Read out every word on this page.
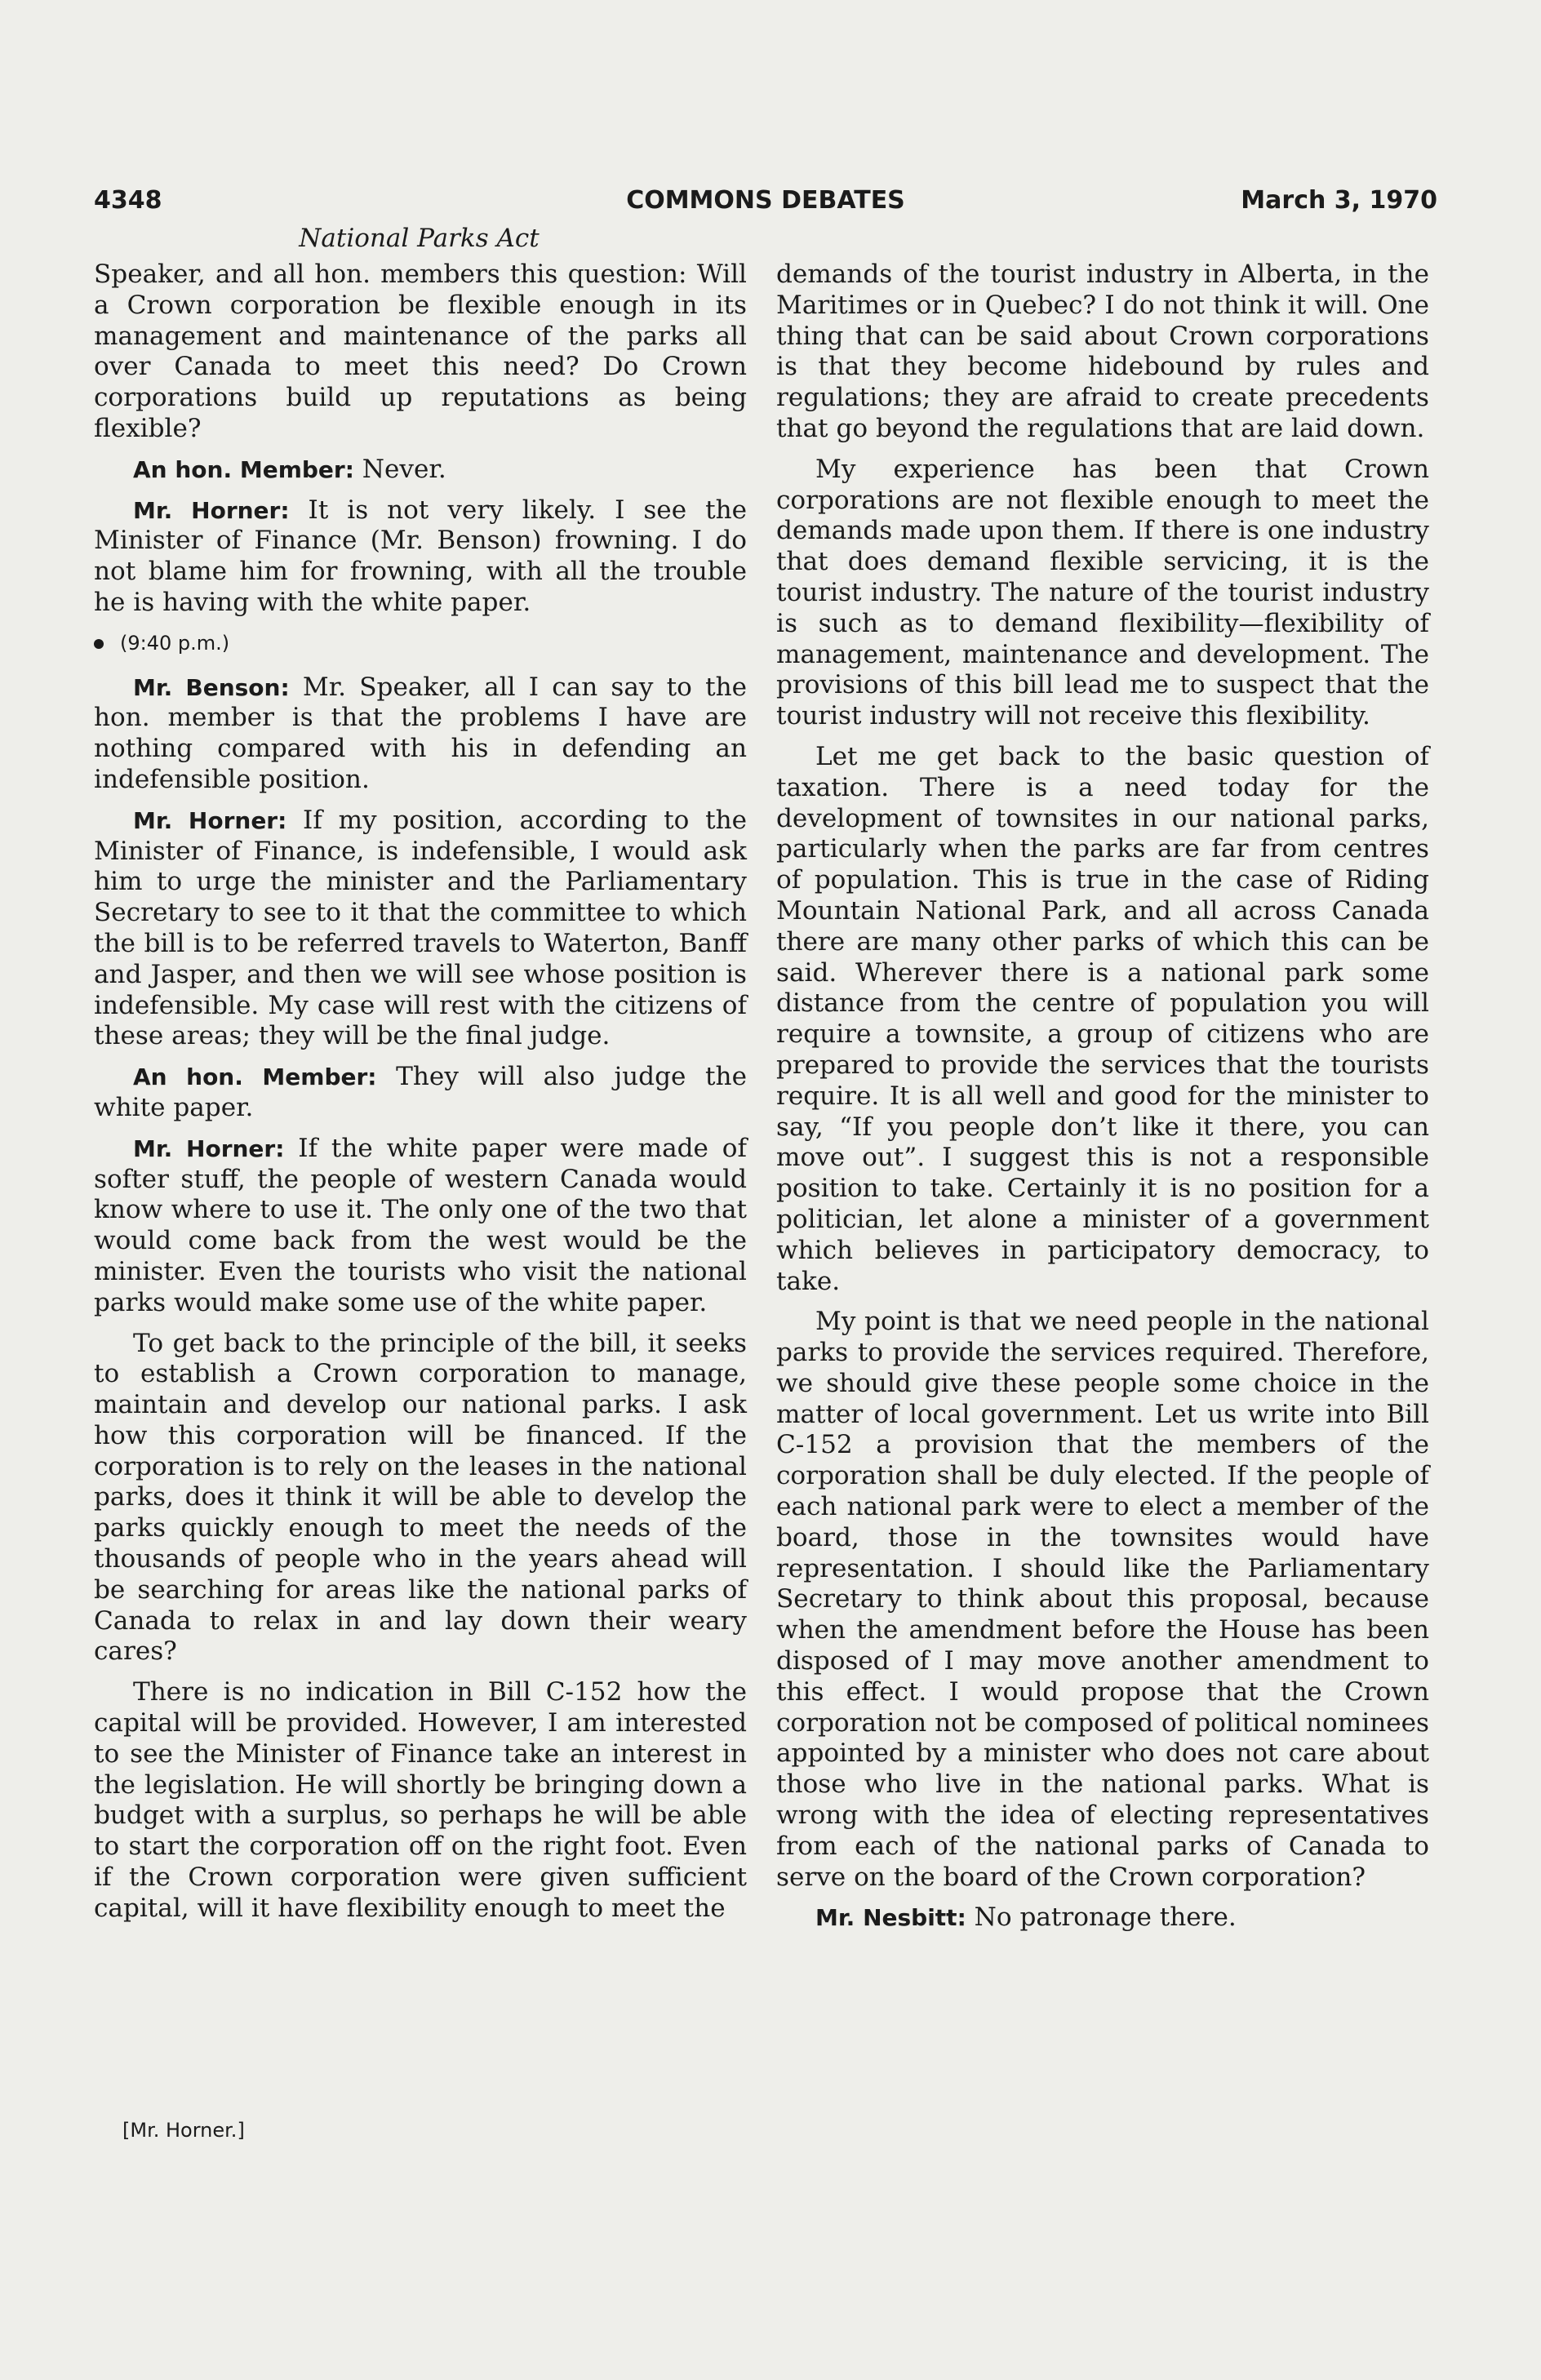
4348	COMMONS DEBATES	March 3, 1970
National Parks Act

Speaker, and all hon. members this question: Will a Crown corporation be flexible enough in its management and maintenance of the parks all over Canada to meet this need? Do Crown corporations build up reputations as being flexible?

An hon. Member: Never.

Mr. Horner: It is not very likely. I see the Minister of Finance (Mr. Benson) frowning. I do not blame him for frowning, with all the trouble he is having with the white paper.

(9:40 p.m.)

Mr. Benson: Mr. Speaker, all I can say to the hon. member is that the problems I have are nothing compared with his in defending an indefensible position.

Mr. Horner: If my position, according to the Minister of Finance, is indefensible, I would ask him to urge the minister and the Parliamentary Secretary to see to it that the committee to which the bill is to be referred travels to Waterton, Banff and Jasper, and then we will see whose position is indefensible. My case will rest with the citizens of these areas; they will be the final judge.

An hon. Member: They will also judge the white paper.

Mr. Horner: If the white paper were made of softer stuff, the people of western Canada would know where to use it. The only one of the two that would come back from the west would be the minister. Even the tourists who visit the national parks would make some use of the white paper.

To get back to the principle of the bill, it seeks to establish a Crown corporation to manage, maintain and develop our national parks. I ask how this corporation will be financed. If the corporation is to rely on the leases in the national parks, does it think it will be able to develop the parks quickly enough to meet the needs of the thousands of people who in the years ahead will be searching for areas like the national parks of Canada to relax in and lay down their weary cares?

There is no indication in Bill C-152 how the capital will be provided. However, I am interested to see the Minister of Finance take an interest in the legislation. He will shortly be bringing down a budget with a surplus, so perhaps he will be able to start the corporation off on the right foot. Even if the Crown corporation were given sufficient capital, will it have flexibility enough to meet the

[Mr. Horner.]

demands of the tourist industry in Alberta, in the Maritimes or in Quebec? I do not think it will. One thing that can be said about Crown corporations is that they become hidebound by rules and regulations; they are afraid to create precedents that go beyond the regulations that are laid down.

My experience has been that Crown corporations are not flexible enough to meet the demands made upon them. If there is one industry that does demand flexible servicing, it is the tourist industry. The nature of the tourist industry is such as to demand flexibility—flexibility of management, maintenance and development. The provisions of this bill lead me to suspect that the tourist industry will not receive this flexibility.

Let me get back to the basic question of taxation. There is a need today for the development of townsites in our national parks, particularly when the parks are far from centres of population. This is true in the case of Riding Mountain National Park, and all across Canada there are many other parks of which this can be said. Wherever there is a national park some distance from the centre of population you will require a townsite, a group of citizens who are prepared to provide the services that the tourists require. It is all well and good for the minister to say, “If you people don’t like it there, you can move out”. I suggest this is not a responsible position to take. Certainly it is no position for a politician, let alone a minister of a government which believes in participatory democracy, to take.

My point is that we need people in the national parks to provide the services required. Therefore, we should give these people some choice in the matter of local government. Let us write into Bill C-152 a provision that the members of the corporation shall be duly elected. If the people of each national park were to elect a member of the board, those in the townsites would have representation. I should like the Parliamentary Secretary to think about this proposal, because when the amendment before the House has been disposed of I may move another amendment to this effect. I would propose that the Crown corporation not be composed of political nominees appointed by a minister who does not care about those who live in the national parks. What is wrong with the idea of electing representatives from each of the national parks of Canada to serve on the board of the Crown corporation?

Mr. Nesbitt: No patronage there.
